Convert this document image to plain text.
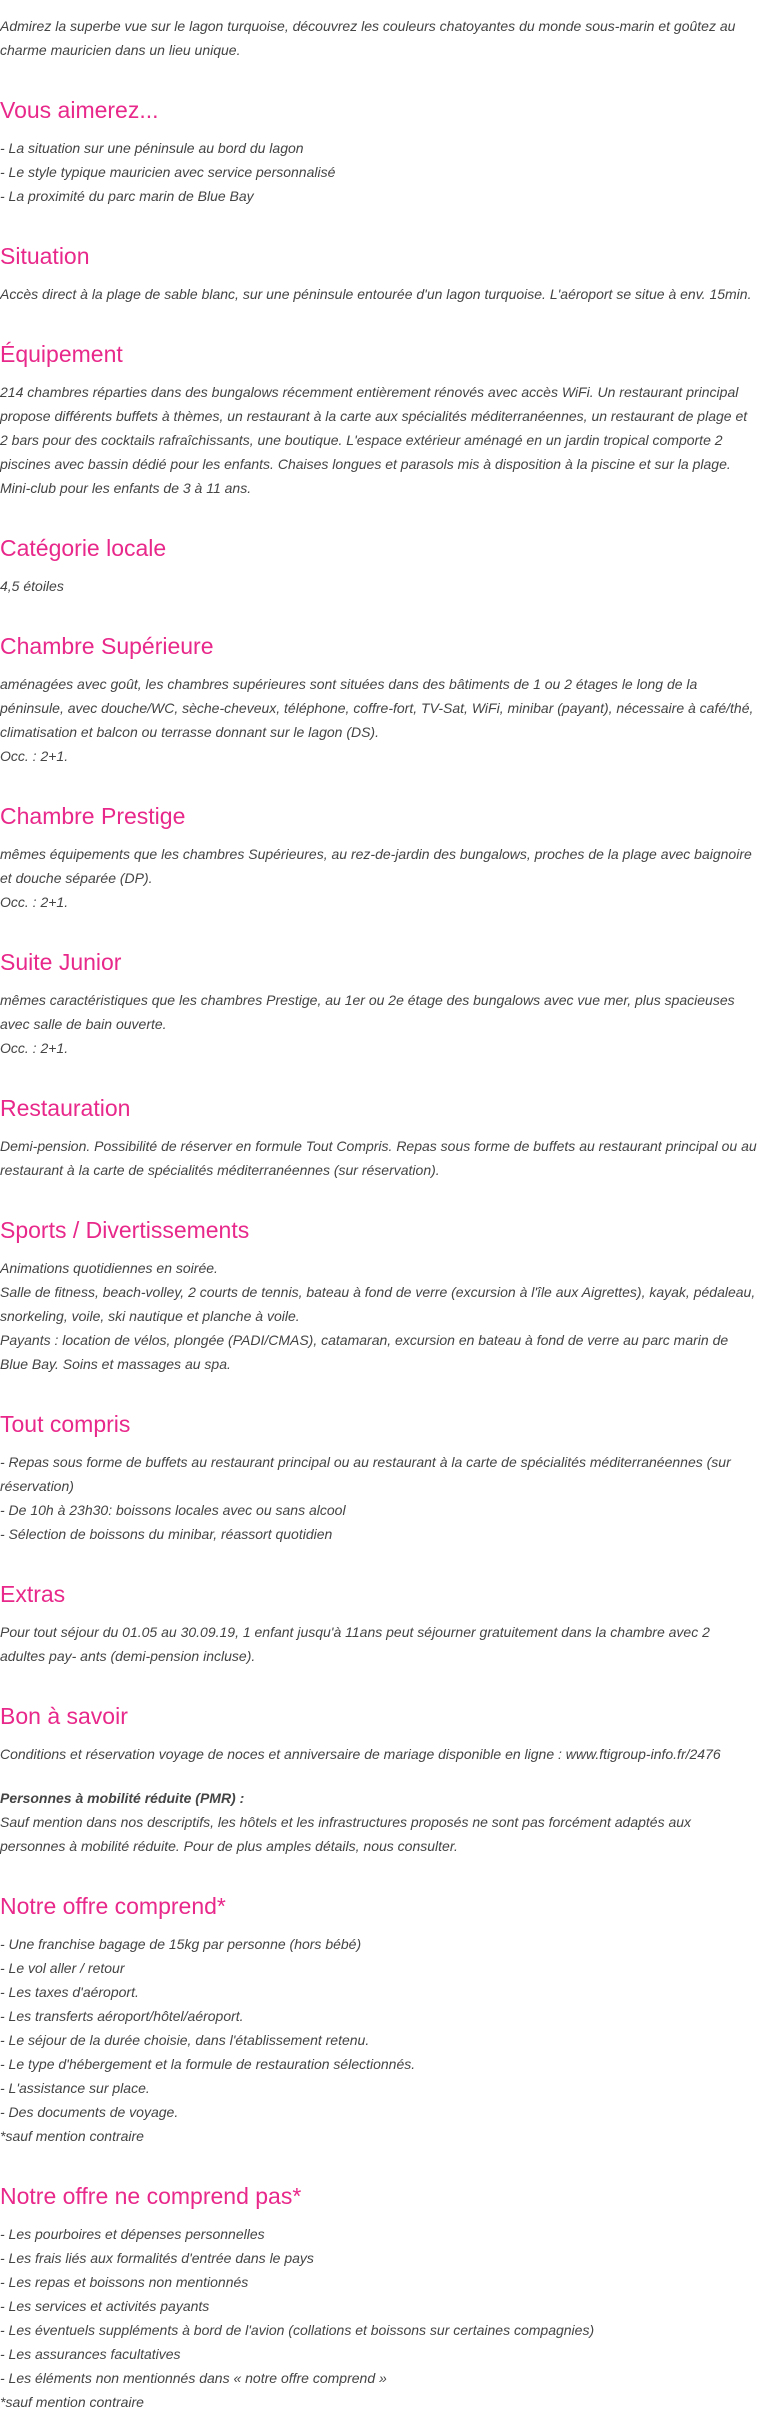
Admirez la superbe vue sur le lagon turquoise, découvrez les couleurs chatoyantes du monde sous-marin et goûtez au charme mauricien dans un lieu unique.

Vous aimerez...

- La situation sur une péninsule au bord du lagon

- Le style typique mauricien avec service personnalisé

- La proximité du parc marin de Blue Bay

Situation

Accès direct à la plage de sable blanc, sur une péninsule entourée d'un lagon turquoise. L'aéroport se situe à env. 15min.

Équipement

214 chambres réparties dans des bungalows récemment entièrement rénovés avec accès WiFi. Un restaurant principal propose différents buffets à thèmes, un restaurant à la carte aux spécialités méditerranéennes, un restaurant de plage et 2 bars pour des cocktails rafraîchissants, une boutique. L'espace extérieur aménagé en un jardin tropical comporte 2 piscines avec bassin dédié pour les enfants. Chaises longues et parasols mis à disposition à la piscine et sur la plage. Mini-club pour les enfants de 3 à 11 ans.

Catégorie locale

4,5 étoiles

Chambre Supérieure

aménagées avec goût, les chambres supérieures sont situées dans des bâtiments de 1 ou 2 étages le long de la péninsule, avec douche/WC, sèche-cheveux, téléphone, coffre-fort, TV-Sat, WiFi, minibar (payant), nécessaire à café/thé, climatisation et balcon ou terrasse donnant sur le lagon (DS).

Occ. : 2+1.

Chambre Prestige

mêmes équipements que les chambres Supérieures, au rez-de-jardin des bungalows, proches de la plage avec baignoire et douche séparée (DP).

Occ. : 2+1.

Suite Junior

mêmes caractéristiques que les chambres Prestige, au 1er ou 2e étage des bungalows avec vue mer, plus spacieuses avec salle de bain ouverte.

Occ. : 2+1.

Restauration

Demi-pension. Possibilité de réserver en formule Tout Compris. Repas sous forme de buffets au restaurant principal ou au restaurant à la carte de spécialités méditerranéennes (sur réservation).

Sports / Divertissements

Animations quotidiennes en soirée.

Salle de fitness, beach-volley, 2 courts de tennis, bateau à fond de verre (excursion à l'île aux Aigrettes), kayak, pédaleau, snorkeling, voile, ski nautique et planche à voile.

Payants : location de vélos, plongée (PADI/CMAS), catamaran, excursion en bateau à fond de verre au parc marin de Blue Bay. Soins et massages au spa.

Tout compris

- Repas sous forme de buffets au restaurant principal ou au restaurant à la carte de spécialités méditerranéennes (sur réservation)

- De 10h à 23h30: boissons locales avec ou sans alcool

- Sélection de boissons du minibar, réassort quotidien

Extras

Pour tout séjour du 01.05 au 30.09.19, 1 enfant jusqu'à 11ans peut séjourner gratuitement dans la chambre avec 2 adultes pay- ants (demi-pension incluse).

Bon à savoir

Conditions et réservation voyage de noces et anniversaire de mariage disponible en ligne : www.ftigroup-info.fr/2476

Personnes à mobilité réduite (PMR) :

Sauf mention dans nos descriptifs, les hôtels et les infrastructures proposés ne sont pas forcément adaptés aux personnes à mobilité réduite. Pour de plus amples détails, nous consulter.

Notre offre comprend*

- Une franchise bagage de 15kg par personne (hors bébé)

- Le vol aller / retour

- Les taxes d'aéroport.

- Les transferts aéroport/hôtel/aéroport.

- Le séjour de la durée choisie, dans l'établissement retenu.

- Le type d'hébergement et la formule de restauration sélectionnés.

- L'assistance sur place.

- Des documents de voyage.

*sauf mention contraire

Notre offre ne comprend pas*

- Les pourboires et dépenses personnelles

- Les frais liés aux formalités d'entrée dans le pays

- Les repas et boissons non mentionnés

- Les services et activités payants

- Les éventuels suppléments à bord de l'avion (collations et boissons sur certaines compagnies)

- Les assurances facultatives

- Les éléments non mentionnés dans « notre offre comprend »

*sauf mention contraire
